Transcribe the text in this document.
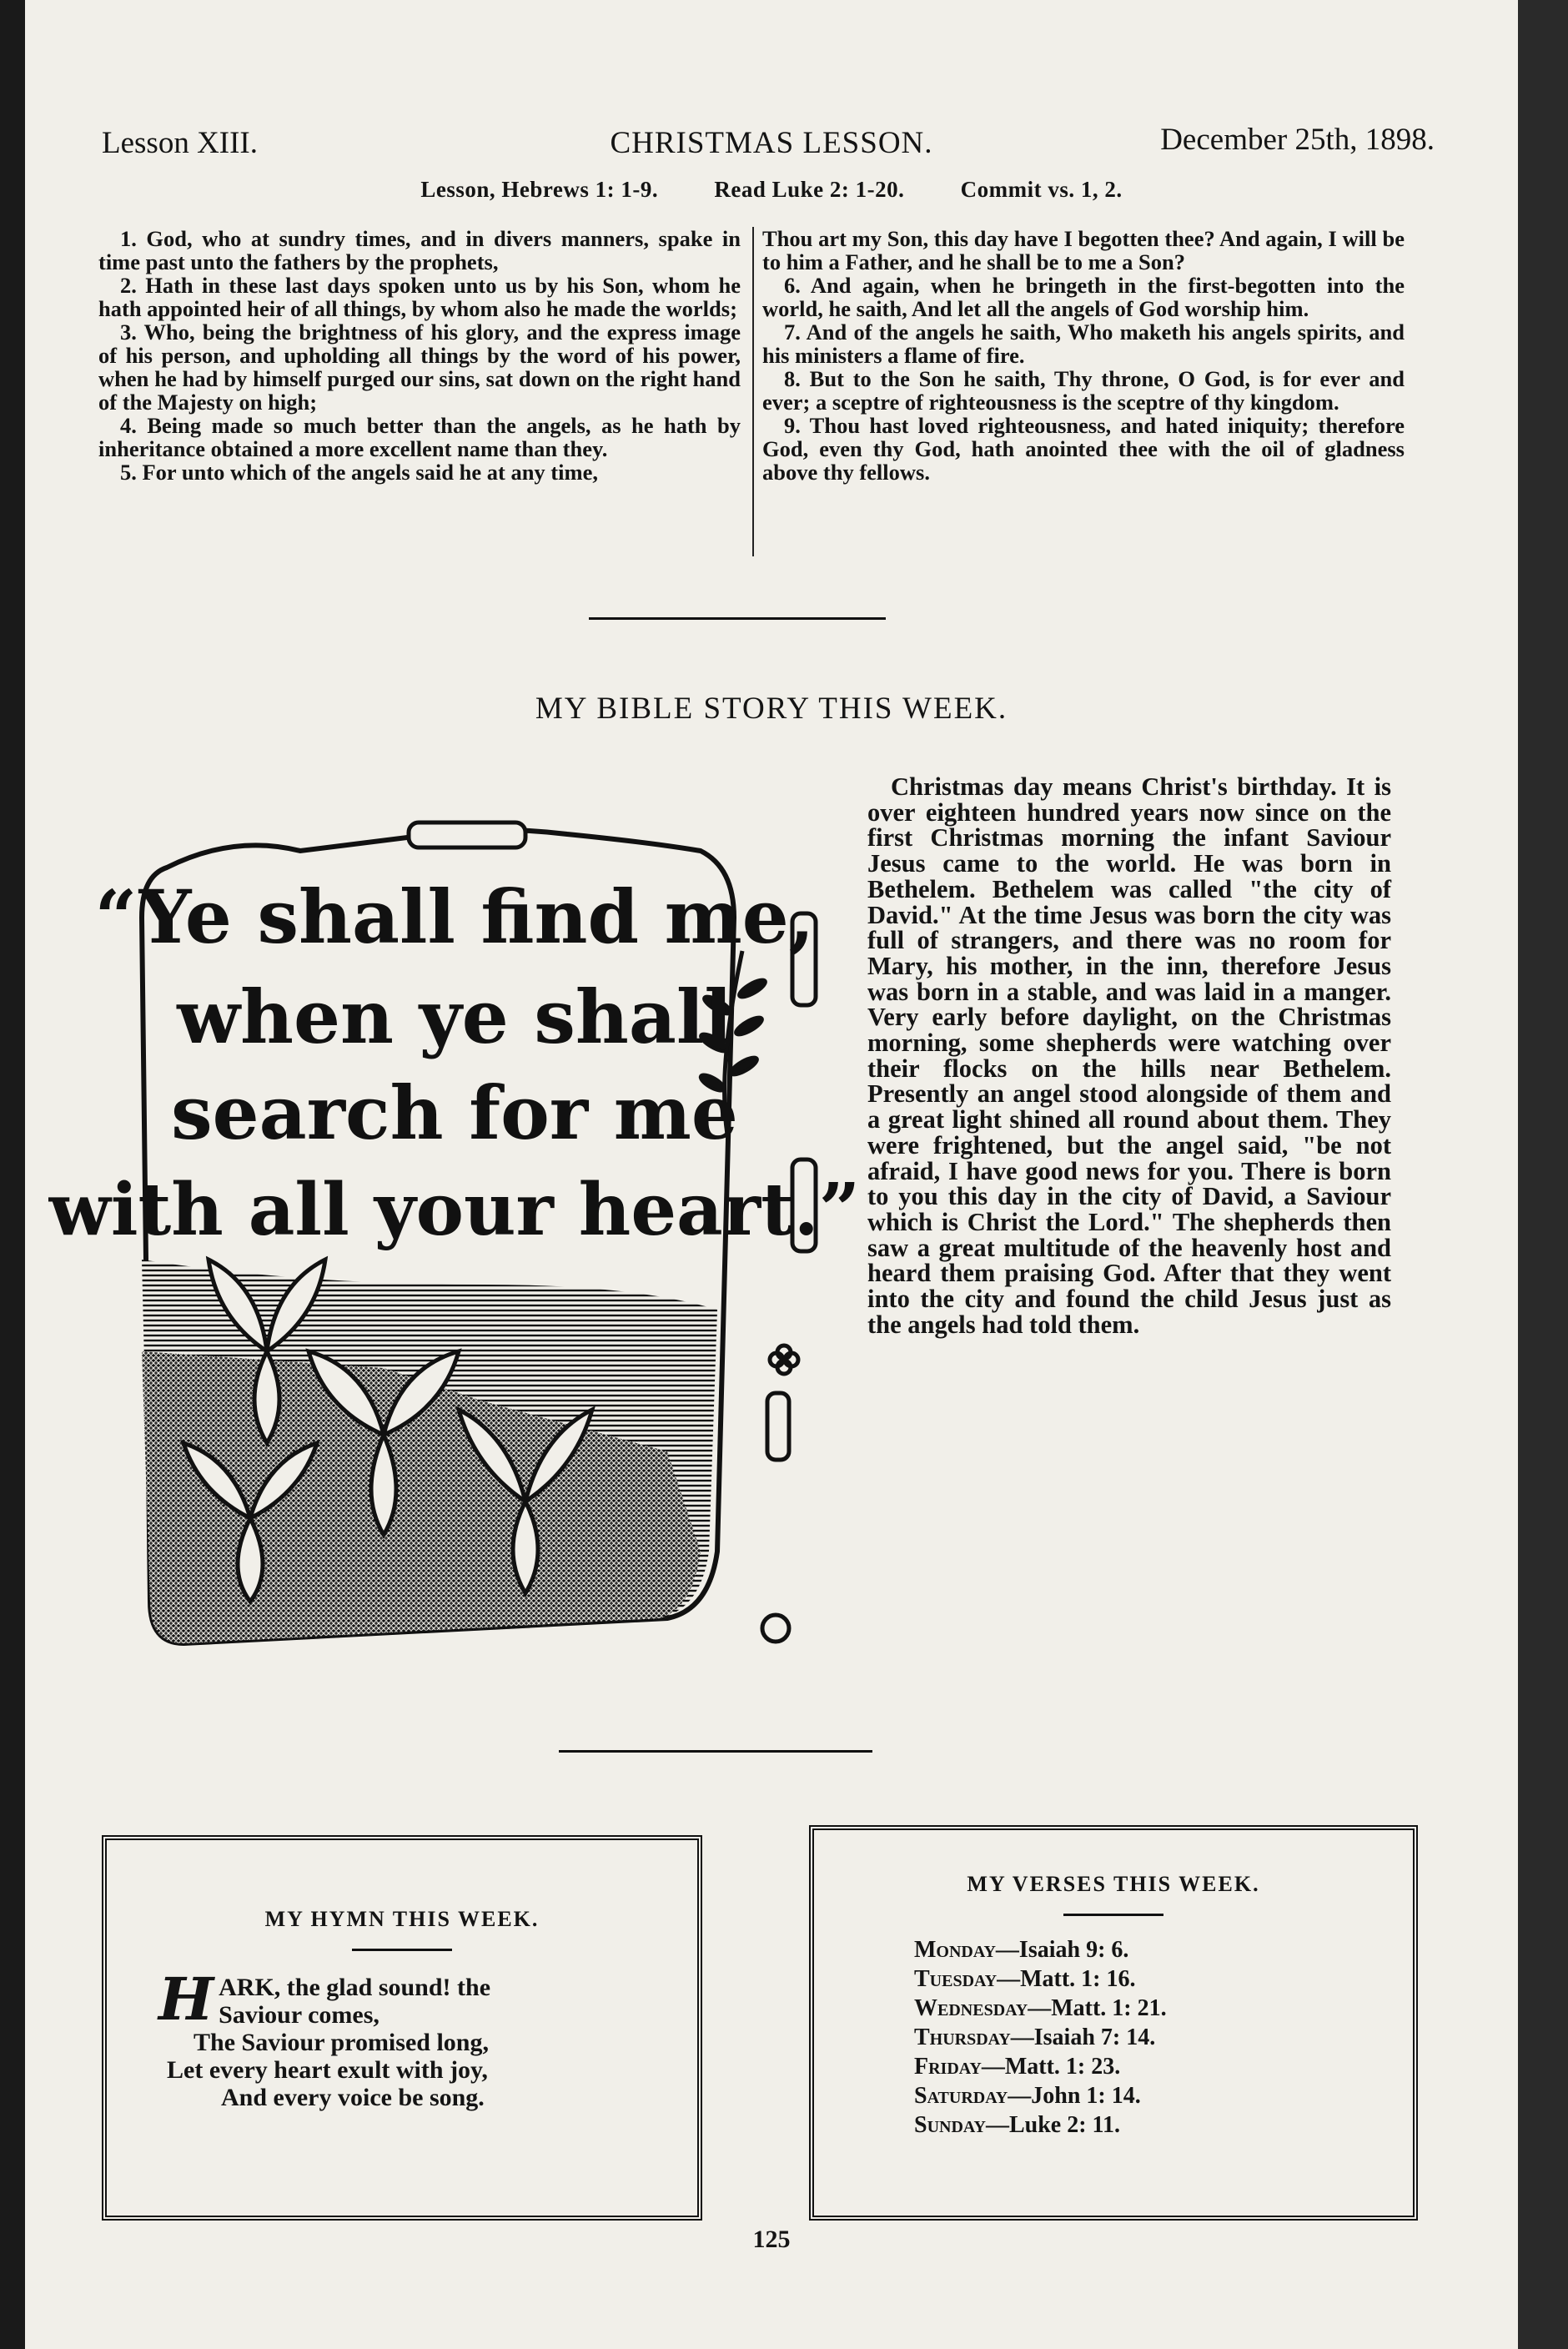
Lesson XIII.	CHRISTMAS LESSON.	December 25th, 1898.
Lesson, Hebrews 1: 1-9. Read Luke 2: 1-20. Commit vs. 1, 2.

1. God, who at sundry times, and in divers manners, spake in time past unto the fathers by the prophets,

2. Hath in these last days spoken unto us by his Son, whom he hath appointed heir of all things, by whom also he made the worlds;

3. Who, being the brightness of his glory, and the express image of his person, and upholding all things by the word of his power, when he had by himself purged our sins, sat down on the right hand of the Majesty on high;

4. Being made so much better than the angels, as he hath by inheritance obtained a more excellent name than they.

5. For unto which of the angels said he at any time,

Thou art my Son, this day have I begotten thee? And again, I will be to him a Father, and he shall be to me a Son?

6. And again, when he bringeth in the first-begotten into the world, he saith, And let all the angels of God worship him.

7. And of the angels he saith, Who maketh his angels spirits, and his ministers a flame of fire.

8. But to the Son he saith, Thy throne, O God, is for ever and ever; a sceptre of righteousness is the sceptre of thy kingdom.

9. Thou hast loved righteousness, and hated iniquity; therefore God, even thy God, hath anointed thee with the oil of gladness above thy fellows.

MY BIBLE STORY THIS WEEK.
“Ye shall find me,
when ye shall
search for me
with all your heart.”

Christmas day means Christ's birthday. It is over eighteen hundred years now since on the first Christmas morning the infant Saviour Jesus came to the world. He was born in Bethelem. Bethelem was called "the city of David." At the time Jesus was born the city was full of strangers, and there was no room for Mary, his mother, in the inn, therefore Jesus was born in a stable, and was laid in a manger. Very early before daylight, on the Christmas morning, some shepherds were watching over their flocks on the hills near Bethelem. Presently an angel stood alongside of them and a great light shined all round about them. They were frightened, but the angel said, "be not afraid, I have good news for you. There is born to you this day in the city of David, a Saviour which is Christ the Lord." The shepherds then saw a great multitude of the heavenly host and heard them praising God. After that they went into the city and found the child Jesus just as the angels had told them.

MY HYMN THIS WEEK.
H ARK, the glad sound! the
Saviour comes,
The Saviour promised long,
Let every heart exult with joy,
And every voice be song.
MY VERSES THIS WEEK.
Monday—Isaiah 9: 6.
Tuesday—Matt. 1: 16.
Wednesday—Matt. 1: 21.
Thursday—Isaiah 7: 14.
Friday—Matt. 1: 23.
Saturday—John 1: 14.
Sunday—Luke 2: 11.
125
